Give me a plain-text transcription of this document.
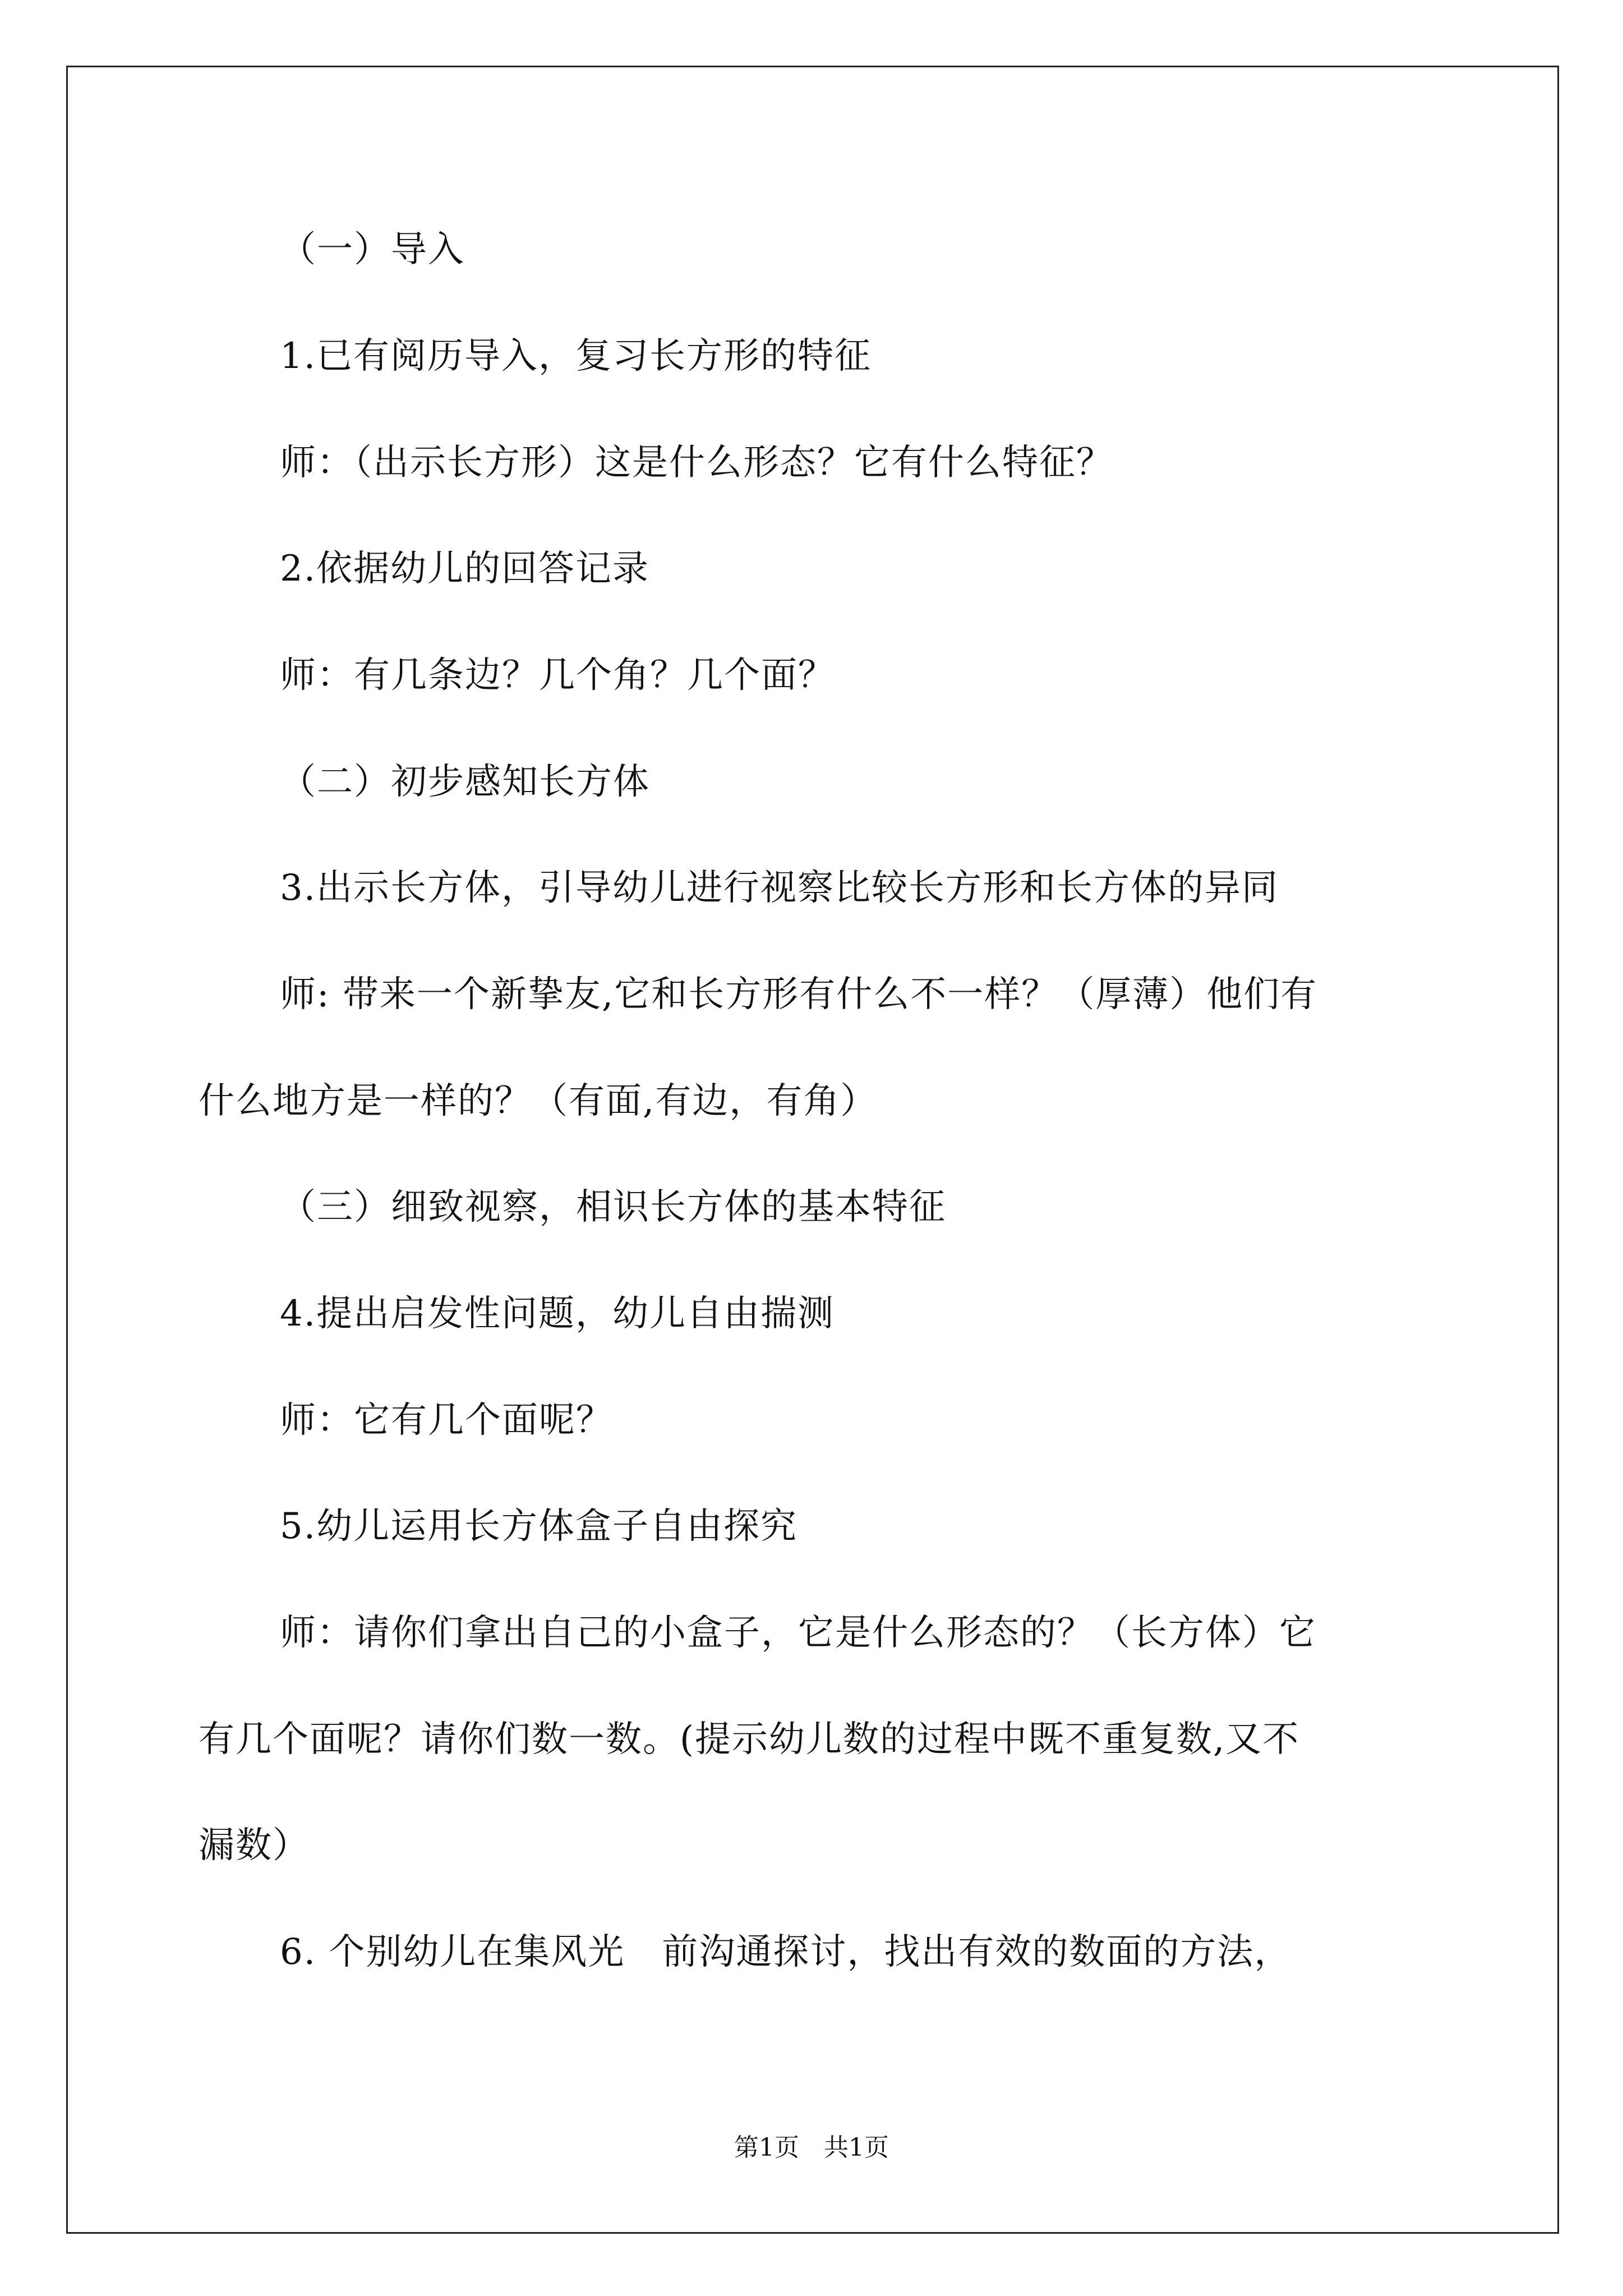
（一）导入
1.已有阅历导入，复习长方形的特征
师：（出示长方形）这是什么形态？它有什么特征？
2.依据幼儿的回答记录
师：有几条边？几个角？几个面？
（二）初步感知长方体
3.出示长方体，引导幼儿进行视察比较长方形和长方体的异同
师: 带来一个新挚友,它和长方形有什么不一样？（厚薄）他们有
什么地方是一样的？（有面,有边，有角）
（三）细致视察，相识长方体的基本特征
4.提出启发性问题，幼儿自由揣测
师：它有几个面呢？
5.幼儿运用长方体盒子自由探究
师：请你们拿出自己的小盒子，它是什么形态的？（长方体）它
有几个面呢？请你们数一数。(提示幼儿数的过程中既不重复数,又不
漏数）
6. 个别幼儿在集风光　前沟通探讨，找出有效的数面的方法，
第1页　共1页
